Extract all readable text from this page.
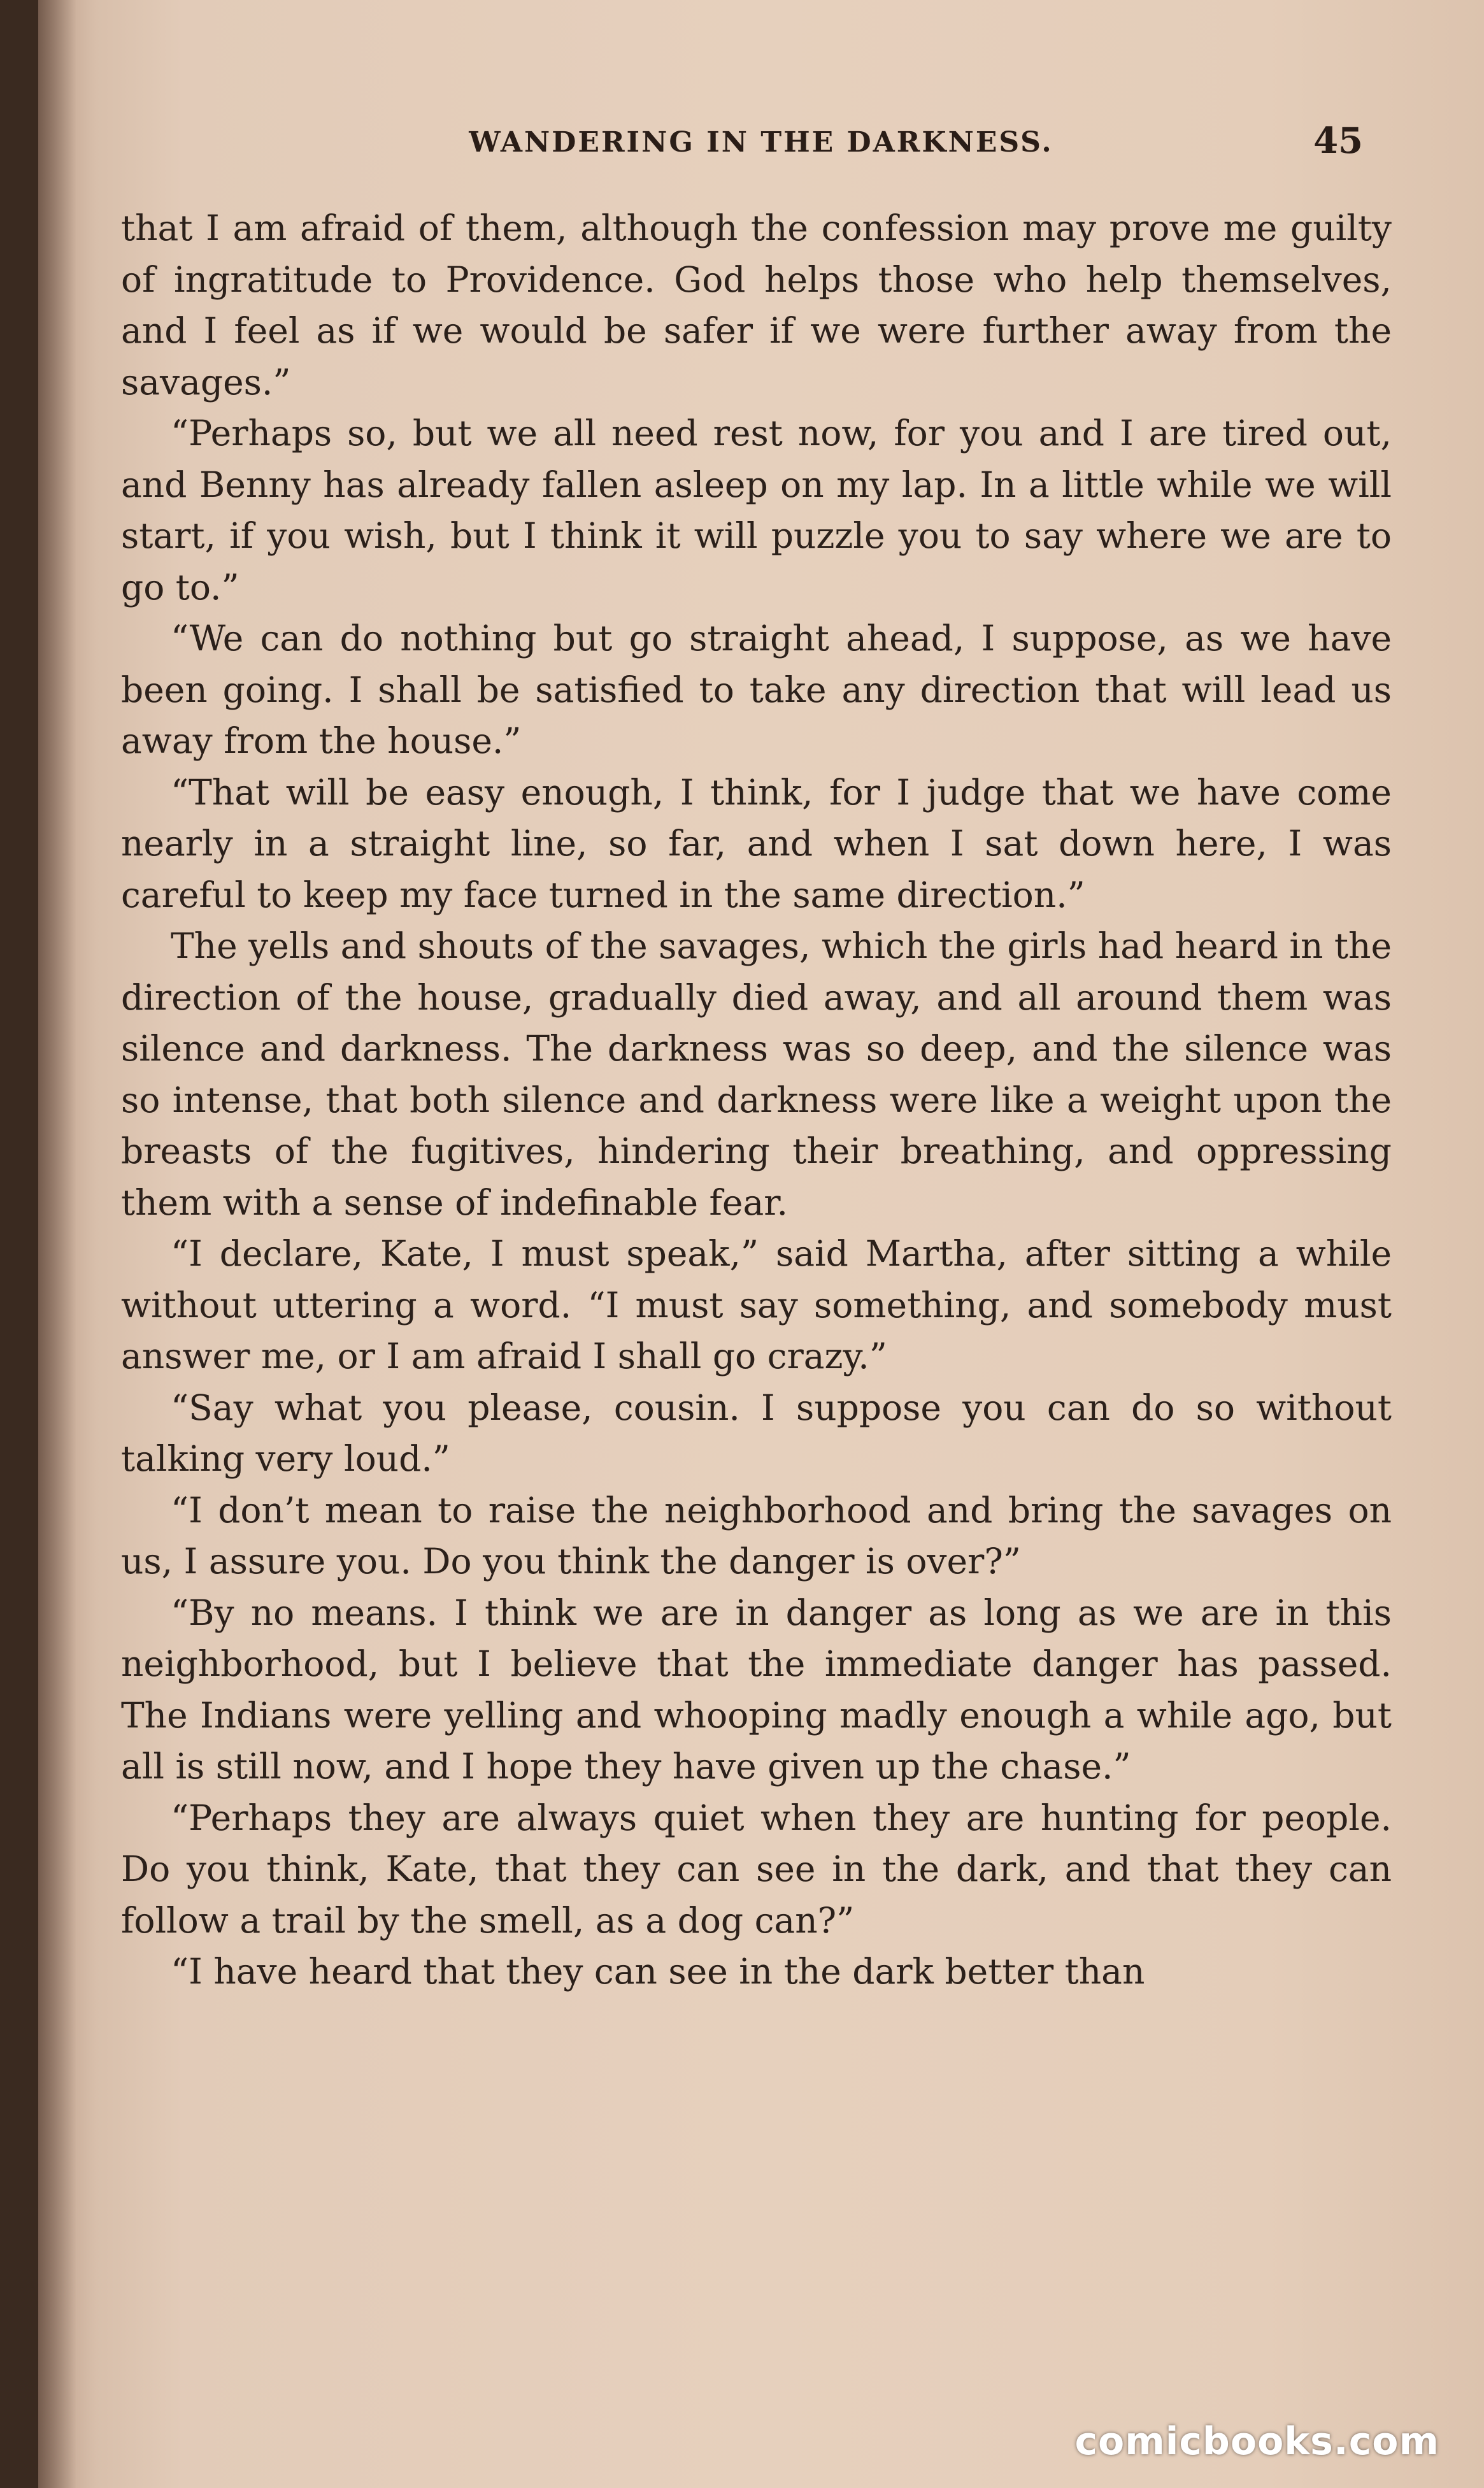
WANDERING IN THE DARKNESS.	45

that I am afraid of them, although the confession may prove me guilty of ingratitude to Providence. God helps those who help themselves, and I feel as if we would be safer if we were further away from the savages.”

“Perhaps so, but we all need rest now, for you and I are tired out, and Benny has already fallen asleep on my lap. In a little while we will start, if you wish, but I think it will puzzle you to say where we are to go to.”

“We can do nothing but go straight ahead, I suppose, as we have been going. I shall be satisfied to take any direction that will lead us away from the house.”

“That will be easy enough, I think, for I judge that we have come nearly in a straight line, so far, and when I sat down here, I was careful to keep my face turned in the same direction.”

The yells and shouts of the savages, which the girls had heard in the direction of the house, gradually died away, and all around them was silence and darkness. The darkness was so deep, and the silence was so intense, that both silence and darkness were like a weight upon the breasts of the fugitives, hindering their breathing, and oppressing them with a sense of indefinable fear.

“I declare, Kate, I must speak,” said Martha, after sitting a while without uttering a word. “I must say something, and somebody must answer me, or I am afraid I shall go crazy.”

“Say what you please, cousin. I suppose you can do so without talking very loud.”

“I don’t mean to raise the neighborhood and bring the savages on us, I assure you. Do you think the danger is over?”

“By no means. I think we are in danger as long as we are in this neighborhood, but I believe that the immediate danger has passed. The Indians were yelling and whooping madly enough a while ago, but all is still now, and I hope they have given up the chase.”

“Perhaps they are always quiet when they are hunting for people. Do you think, Kate, that they can see in the dark, and that they can follow a trail by the smell, as a dog can?”

“I have heard that they can see in the dark better than

comicbooks.com
